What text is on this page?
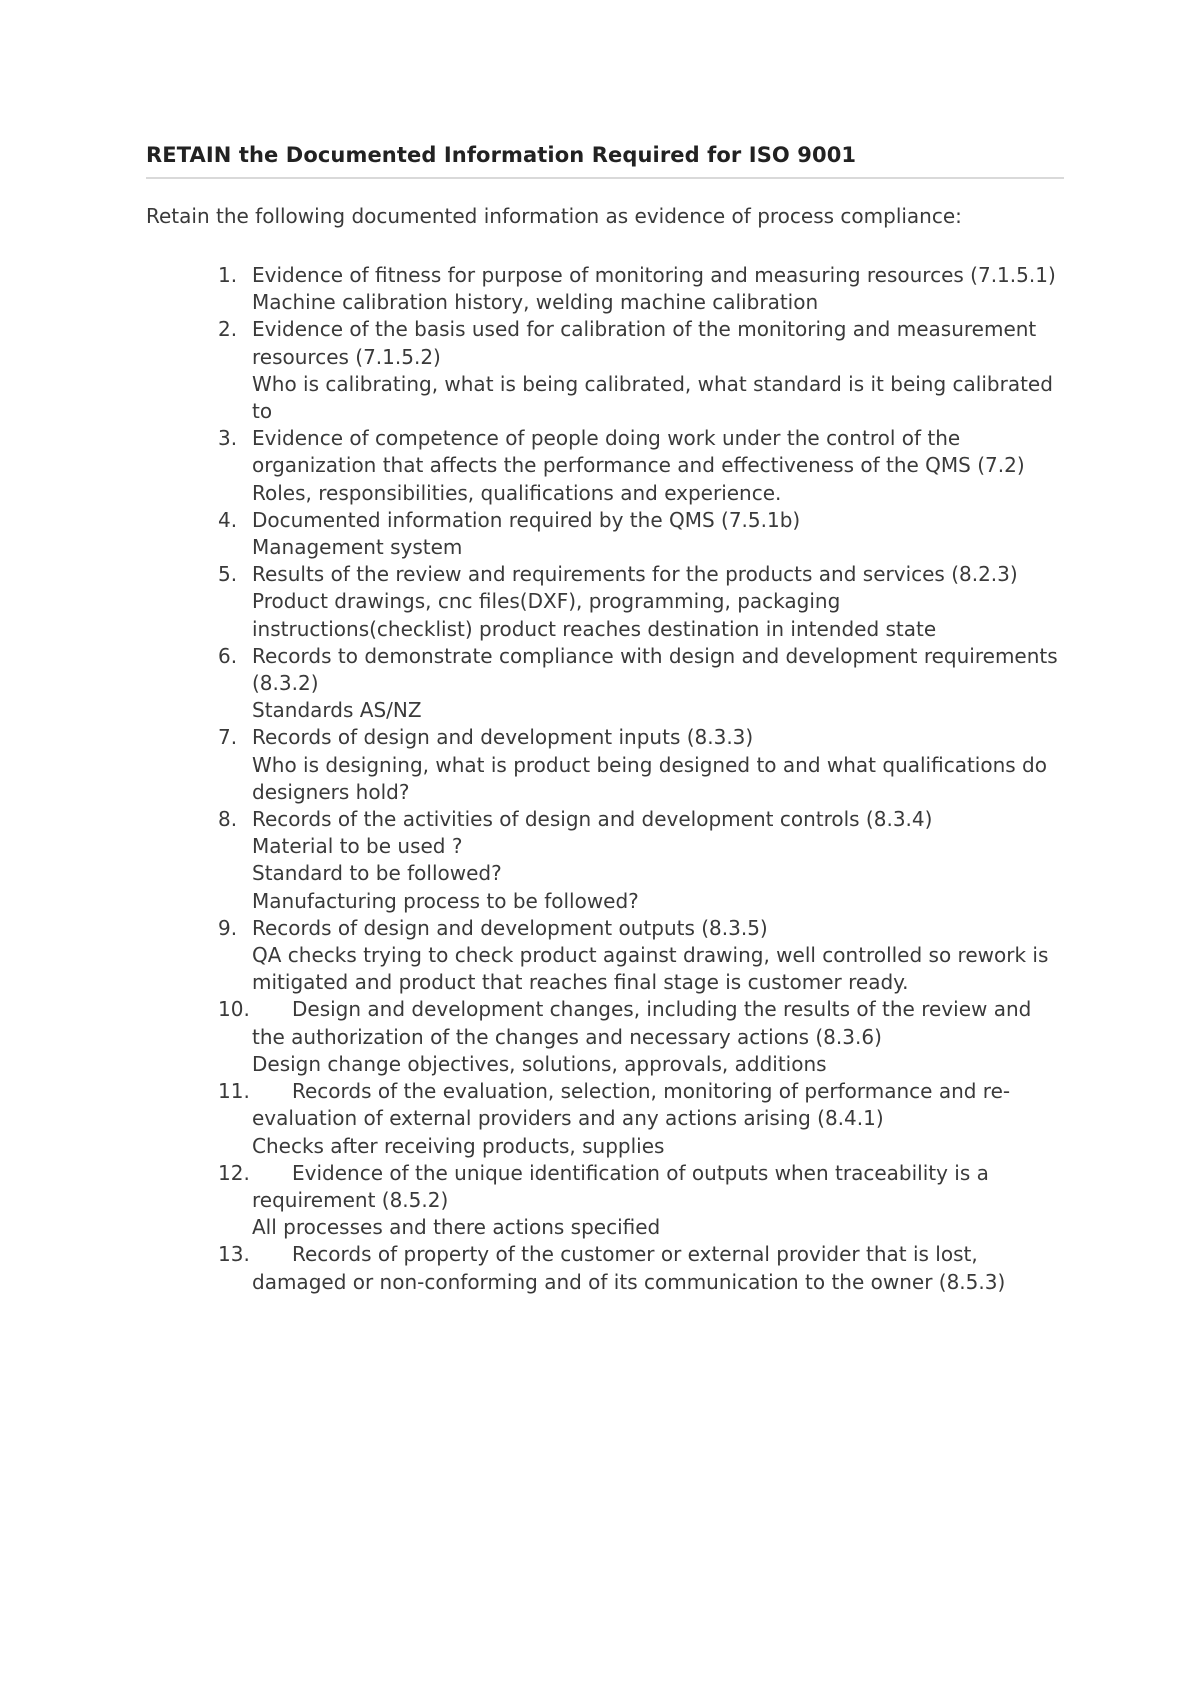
RETAIN the Documented Information Required for ISO 9001

Retain the following documented information as evidence of process compliance:

1. Evidence of fitness for purpose of monitoring and measuring resources (7.1.5.1)
Machine calibration history, welding machine calibration
2. Evidence of the basis used for calibration of the monitoring and measurement resources (7.1.5.2)
Who is calibrating, what is being calibrated, what standard is it being calibrated to
3. Evidence of competence of people doing work under the control of the organization that affects the performance and effectiveness of the QMS (7.2)
Roles, responsibilities, qualifications and experience.
4. Documented information required by the QMS (7.5.1b)
Management system
5. Results of the review and requirements for the products and services (8.2.3)
Product drawings, cnc files(DXF), programming, packaging instructions(checklist) product reaches destination in intended state
6. Records to demonstrate compliance with design and development requirements (8.3.2)
Standards AS/NZ
7. Records of design and development inputs (8.3.3)
Who is designing, what is product being designed to and what qualifications do designers hold?
8. Records of the activities of design and development controls (8.3.4)
Material to be used ?
Standard to be followed?
Manufacturing process to be followed?
9. Records of design and development outputs (8.3.5)
QA checks trying to check product against drawing, well controlled so rework is mitigated and product that reaches final stage is customer ready.
10.	Design and development changes, including the results of the review and the authorization of the changes and necessary actions (8.3.6)
Design change objectives, solutions, approvals, additions
11.	Records of the evaluation, selection, monitoring of performance and re-evaluation of external providers and any actions arising (8.4.1)
Checks after receiving products, supplies
12.	Evidence of the unique identification of outputs when traceability is a requirement (8.5.2)
All processes and there actions specified
13.	Records of property of the customer or external provider that is lost, damaged or non-conforming and of its communication to the owner (8.5.3)
